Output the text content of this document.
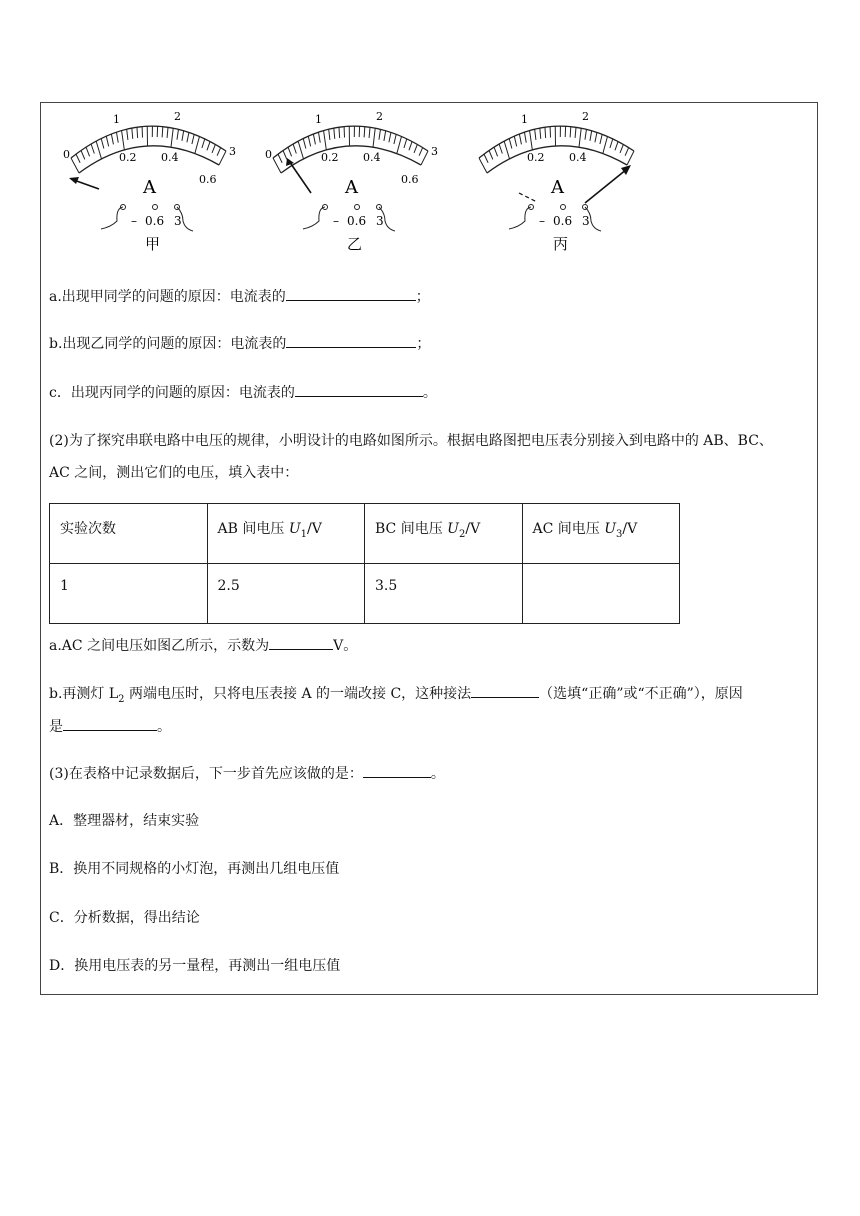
0
1	2
3
0.2 0.4
0.6
A
– 0.6 3
甲
0
1	2
3
0.2 0.4
0.6
A
– 0.6 3
乙
1	2
0.2 0.4
A
– 0.6 3
丙
a.出现甲同学的问题的原因：电流表的	；
b.出现乙同学的问题的原因：电流表的	；
c．出现丙同学的问题的原因：电流表的	。
(2)为了探究串联电路中电压的规律，小明设计的电路如图所示。根据电路图把电压表分别接入到电路中的 AB、BC、
AC 之间，测出它们的电压，填入表中：
实验次数	AB 间电压 $U_1/V$	BC 间电压 $U_2/V$	AC 间电压 $U_3/V$
1	2.5	3.5	
a.AC 之间电压如图乙所示，示数为	V。
b.再测灯 $L_2$ 两端电压时，只将电压表接 A 的一端改接 C，这种接法	（选填“正确”或“不正确”），原因
是	。
(3)在表格中记录数据后，下一步首先应该做的是：	。
A．整理器材，结束实验
B．换用不同规格的小灯泡，再测出几组电压值
C．分析数据，得出结论
D．换用电压表的另一量程，再测出一组电压值
